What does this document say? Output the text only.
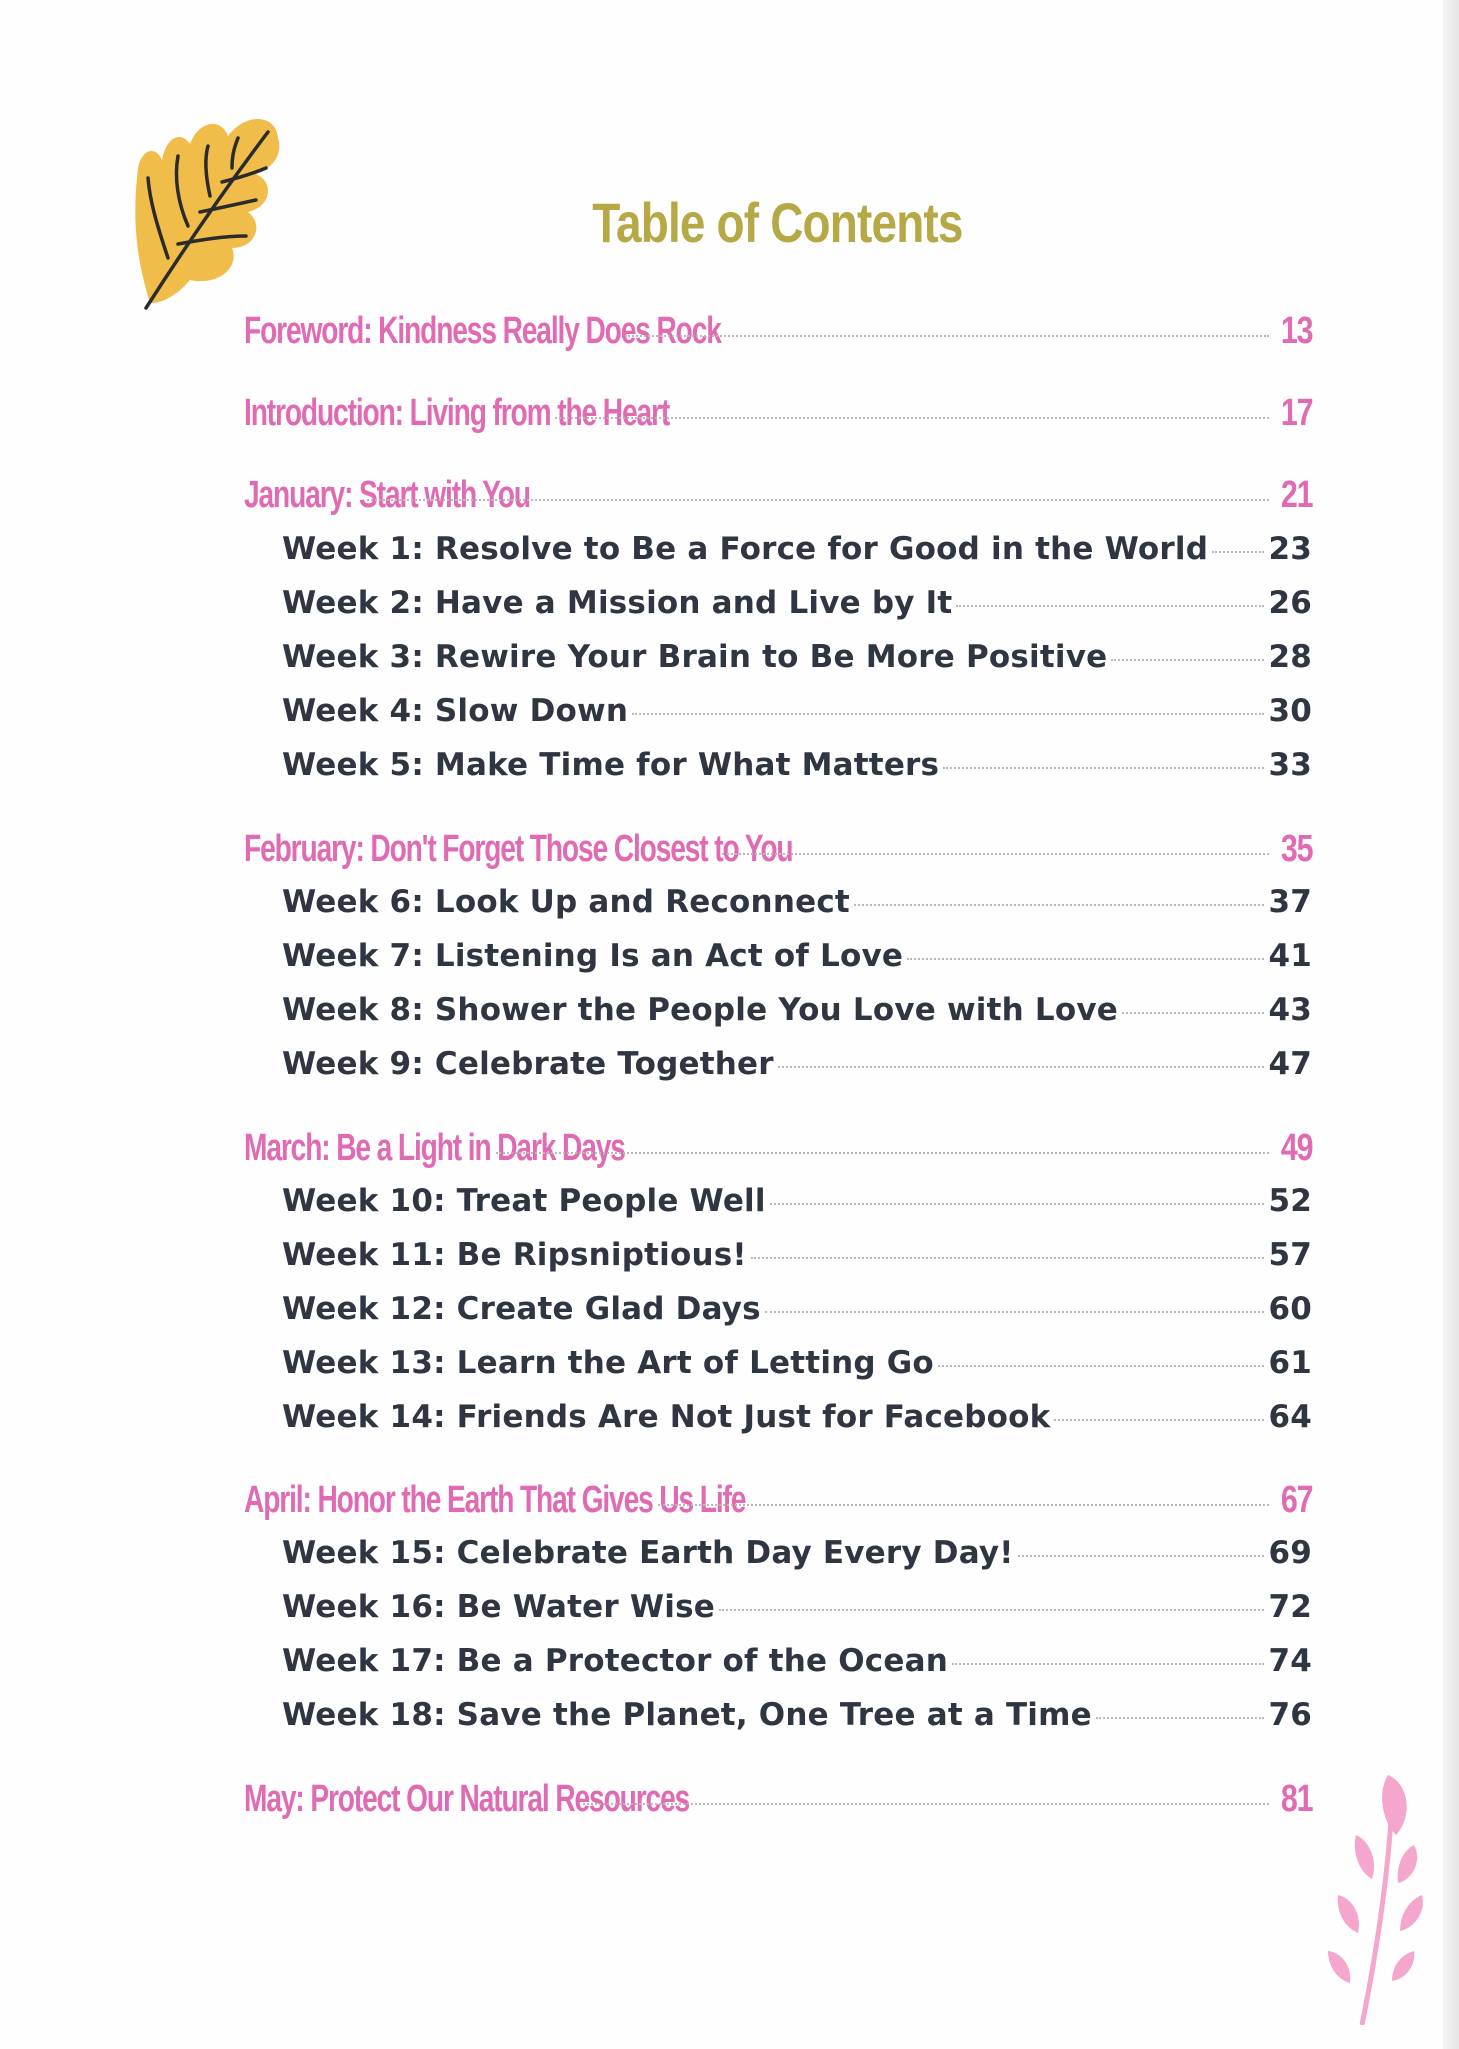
Table of Contents
Foreword: Kindness Really Does Rock	13
Introduction: Living from the Heart	17
January: Start with You	21
Week 1: Resolve to Be a Force for Good in the World 23
Week 2: Have a Mission and Live by It	26
Week 3: Rewire Your Brain to Be More Positive	28
Week 4: Slow Down	30
Week 5: Make Time for What Matters	33
February: Don't Forget Those Closest to You	35
Week 6: Look Up and Reconnect	37
Week 7: Listening Is an Act of Love	41
Week 8: Shower the People You Love with Love	43
Week 9: Celebrate Together	47
March: Be a Light in Dark Days	49
Week 10: Treat People Well	52
Week 11: Be Ripsniptious!	57
Week 12: Create Glad Days	60
Week 13: Learn the Art of Letting Go	61
Week 14: Friends Are Not Just for Facebook	64
April: Honor the Earth That Gives Us Life	67
Week 15: Celebrate Earth Day Every Day!	69
Week 16: Be Water Wise	72
Week 17: Be a Protector of the Ocean	74
Week 18: Save the Planet, One Tree at a Time	76
May: Protect Our Natural Resources	81
